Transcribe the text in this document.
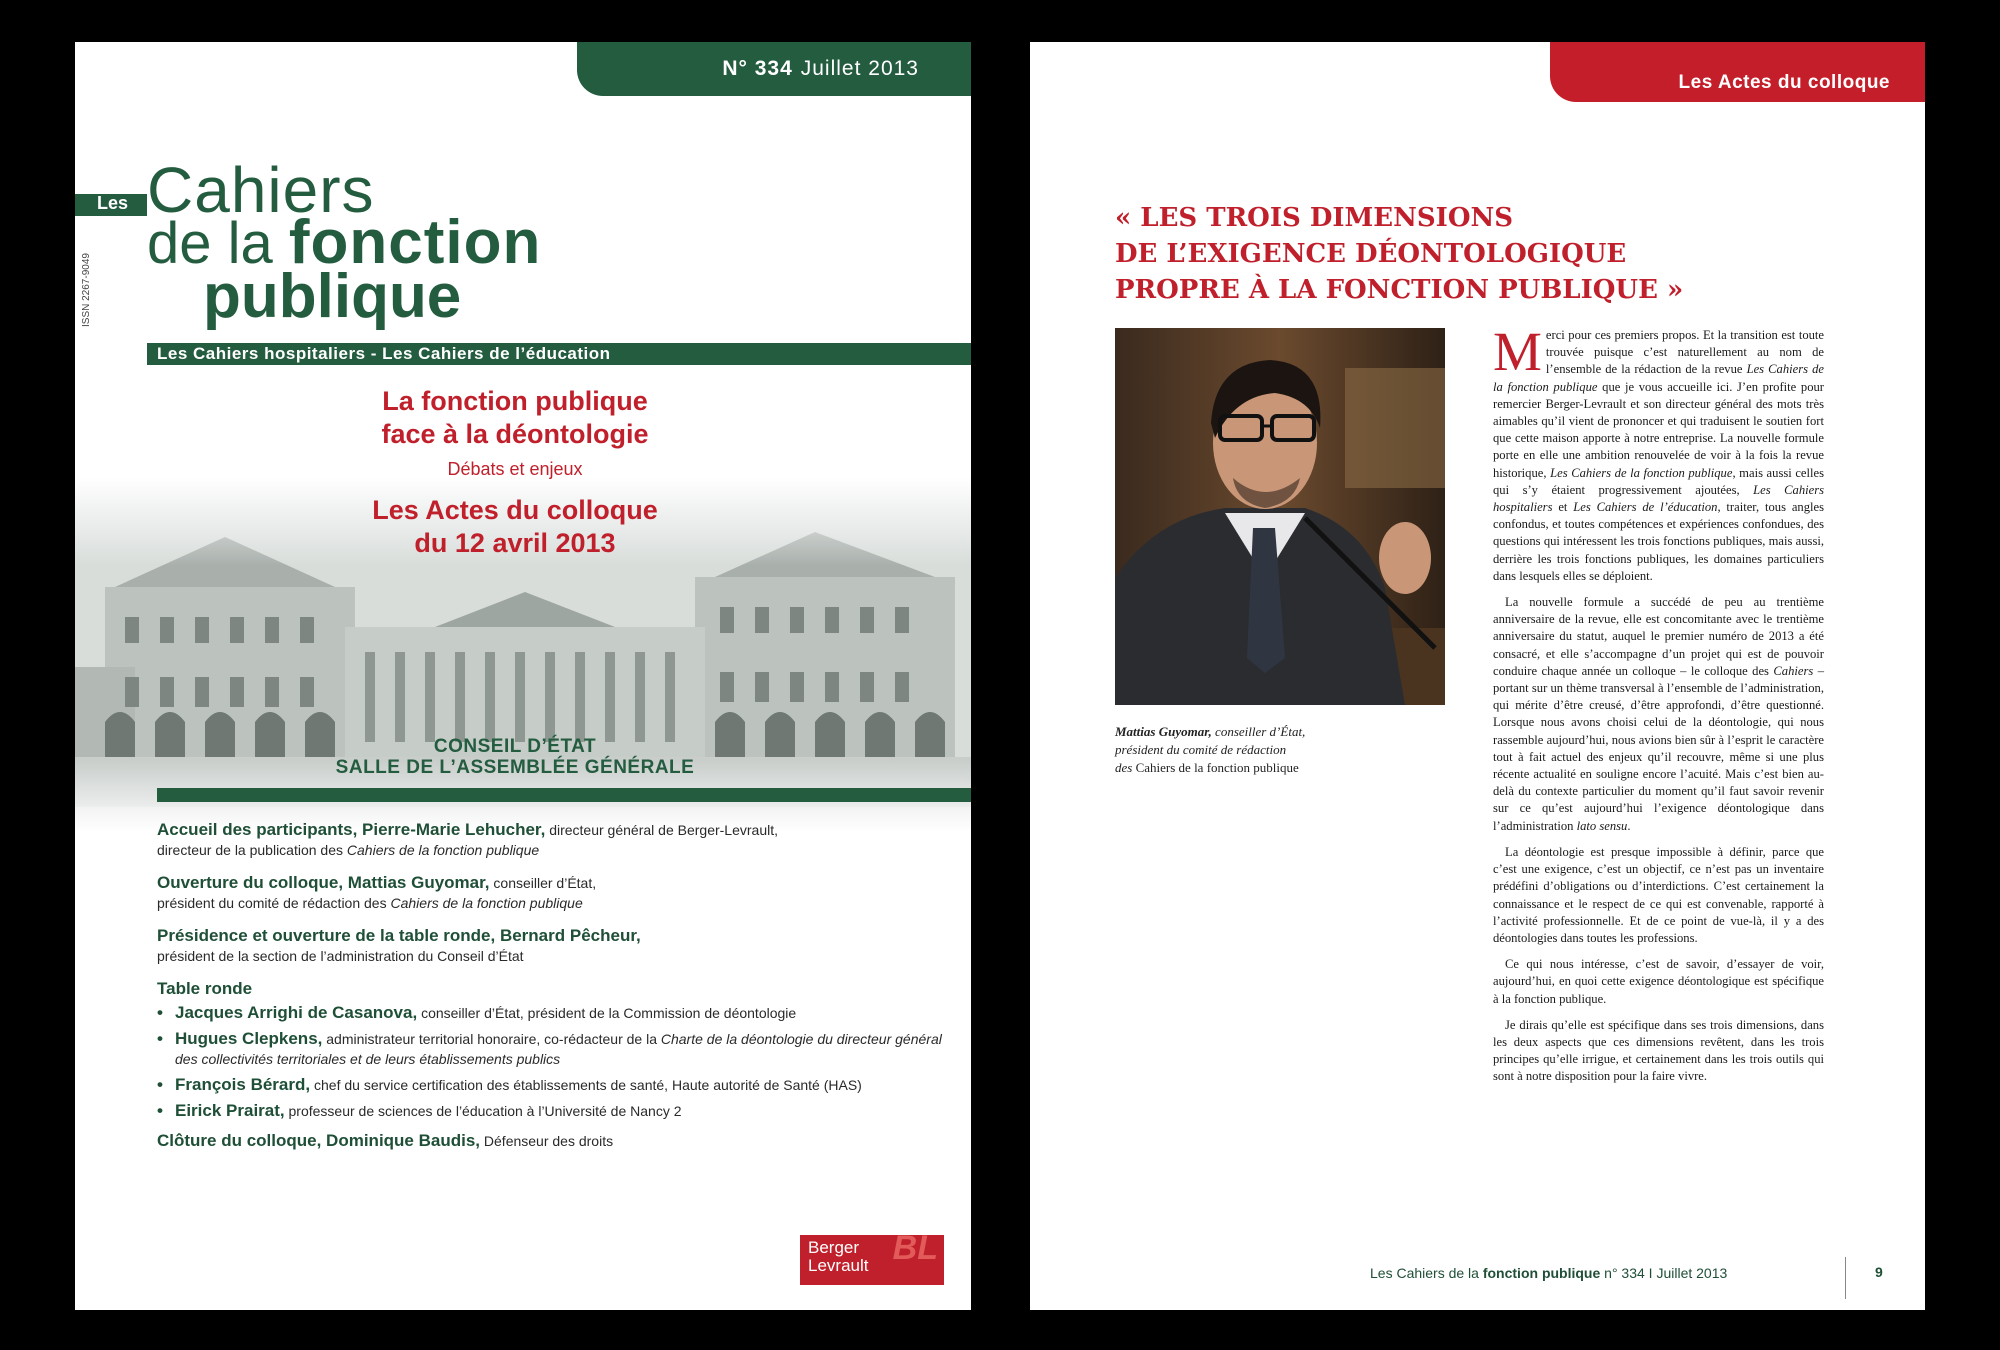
N° 334 Juillet 2013
ISSN 2267-9049
Les Cahiers
de la fonction
publique
Les Cahiers hospitaliers - Les Cahiers de l’éducation
La fonction publique
face à la déontologie
Débats et enjeux
Les Actes du colloque
du 12 avril 2013
CONSEIL D’ÉTAT
SALLE DE L’ASSEMBLÉE GÉNÉRALE
Accueil des participants, Pierre-Marie Lehucher, directeur général de Berger-Levrault,
directeur de la publication des Cahiers de la fonction publique
Ouverture du colloque, Mattias Guyomar, conseiller d’État,
président du comité de rédaction des Cahiers de la fonction publique
Présidence et ouverture de la table ronde, Bernard Pêcheur,
président de la section de l’administration du Conseil d’État
Table ronde
• Jacques Arrighi de Casanova, conseiller d’État, président de la Commission de déontologie
• Hugues Clepkens, administrateur territorial honoraire, co-rédacteur de la Charte de la déontologie du directeur général des collectivités territoriales et de leurs établissements publics
• François Bérard, chef du service certification des établissements de santé, Haute autorité de Santé (HAS)
• Eirick Prairat, professeur de sciences de l’éducation à l’Université de Nancy 2
Clôture du colloque, Dominique Baudis, Défenseur des droits
Berger
Levrault BL
Les Actes du colloque
« LES TROIS DIMENSIONS
DE L’EXIGENCE DÉONTOLOGIQUE
PROPRE À LA FONCTION PUBLIQUE »
Mattias Guyomar, conseiller d’État,
président du comité de rédaction
des Cahiers de la fonction publique

Merci pour ces premiers propos. Et la transition est toute trouvée puisque c’est naturellement au nom de l’ensemble de la rédaction de la revue Les Cahiers de la fonction publique que je vous accueille ici. J’en profite pour remercier Berger-Levrault et son directeur général des mots très aimables qu’il vient de prononcer et qui traduisent le soutien fort que cette maison apporte à notre entreprise. La nouvelle formule porte en elle une ambition renouvelée de voir à la fois la revue historique, Les Cahiers de la fonction publique, mais aussi celles qui s’y étaient progressivement ajoutées, Les Cahiers hospitaliers et Les Cahiers de l’éducation, traiter, tous angles confondus, et toutes compétences et expériences confondues, des questions qui intéressent les trois fonctions publiques, mais aussi, derrière les trois fonctions publiques, les domaines particuliers dans lesquels elles se déploient.

La nouvelle formule a succédé de peu au trentième anniversaire de la revue, elle est concomitante avec le trentième anniversaire du statut, auquel le premier numéro de 2013 a été consacré, et elle s’accompagne d’un projet qui est de pouvoir conduire chaque année un colloque – le colloque des Cahiers – portant sur un thème transversal à l’ensemble de l’administration, qui mérite d’être creusé, d’être approfondi, d’être questionné. Lorsque nous avons choisi celui de la déontologie, qui nous rassemble aujourd’hui, nous avions bien sûr à l’esprit le caractère tout à fait actuel des enjeux qu’il recouvre, même si une plus récente actualité en souligne encore l’acuité. Mais c’est bien au-delà du contexte particulier du moment qu’il faut savoir revenir sur ce qu’est aujourd’hui l’exigence déontologique dans l’administration lato sensu.

La déontologie est presque impossible à définir, parce que c’est une exigence, c’est un objectif, ce n’est pas un inventaire prédéfini d’obligations ou d’interdictions. C’est certainement la connaissance et le respect de ce qui est convenable, rapporté à l’activité professionnelle. Et de ce point de vue-là, il y a des déontologies dans toutes les professions.

Ce qui nous intéresse, c’est de savoir, d’essayer de voir, aujourd’hui, en quoi cette exigence déontologique est spécifique à la fonction publique.

Je dirais qu’elle est spécifique dans ses trois dimensions, dans les deux aspects que ces dimensions revêtent, dans les trois principes qu’elle irrigue, et certainement dans les trois outils qui sont à notre disposition pour la faire vivre.

Les Cahiers de la fonction publique n° 334 I Juillet 2013	9
